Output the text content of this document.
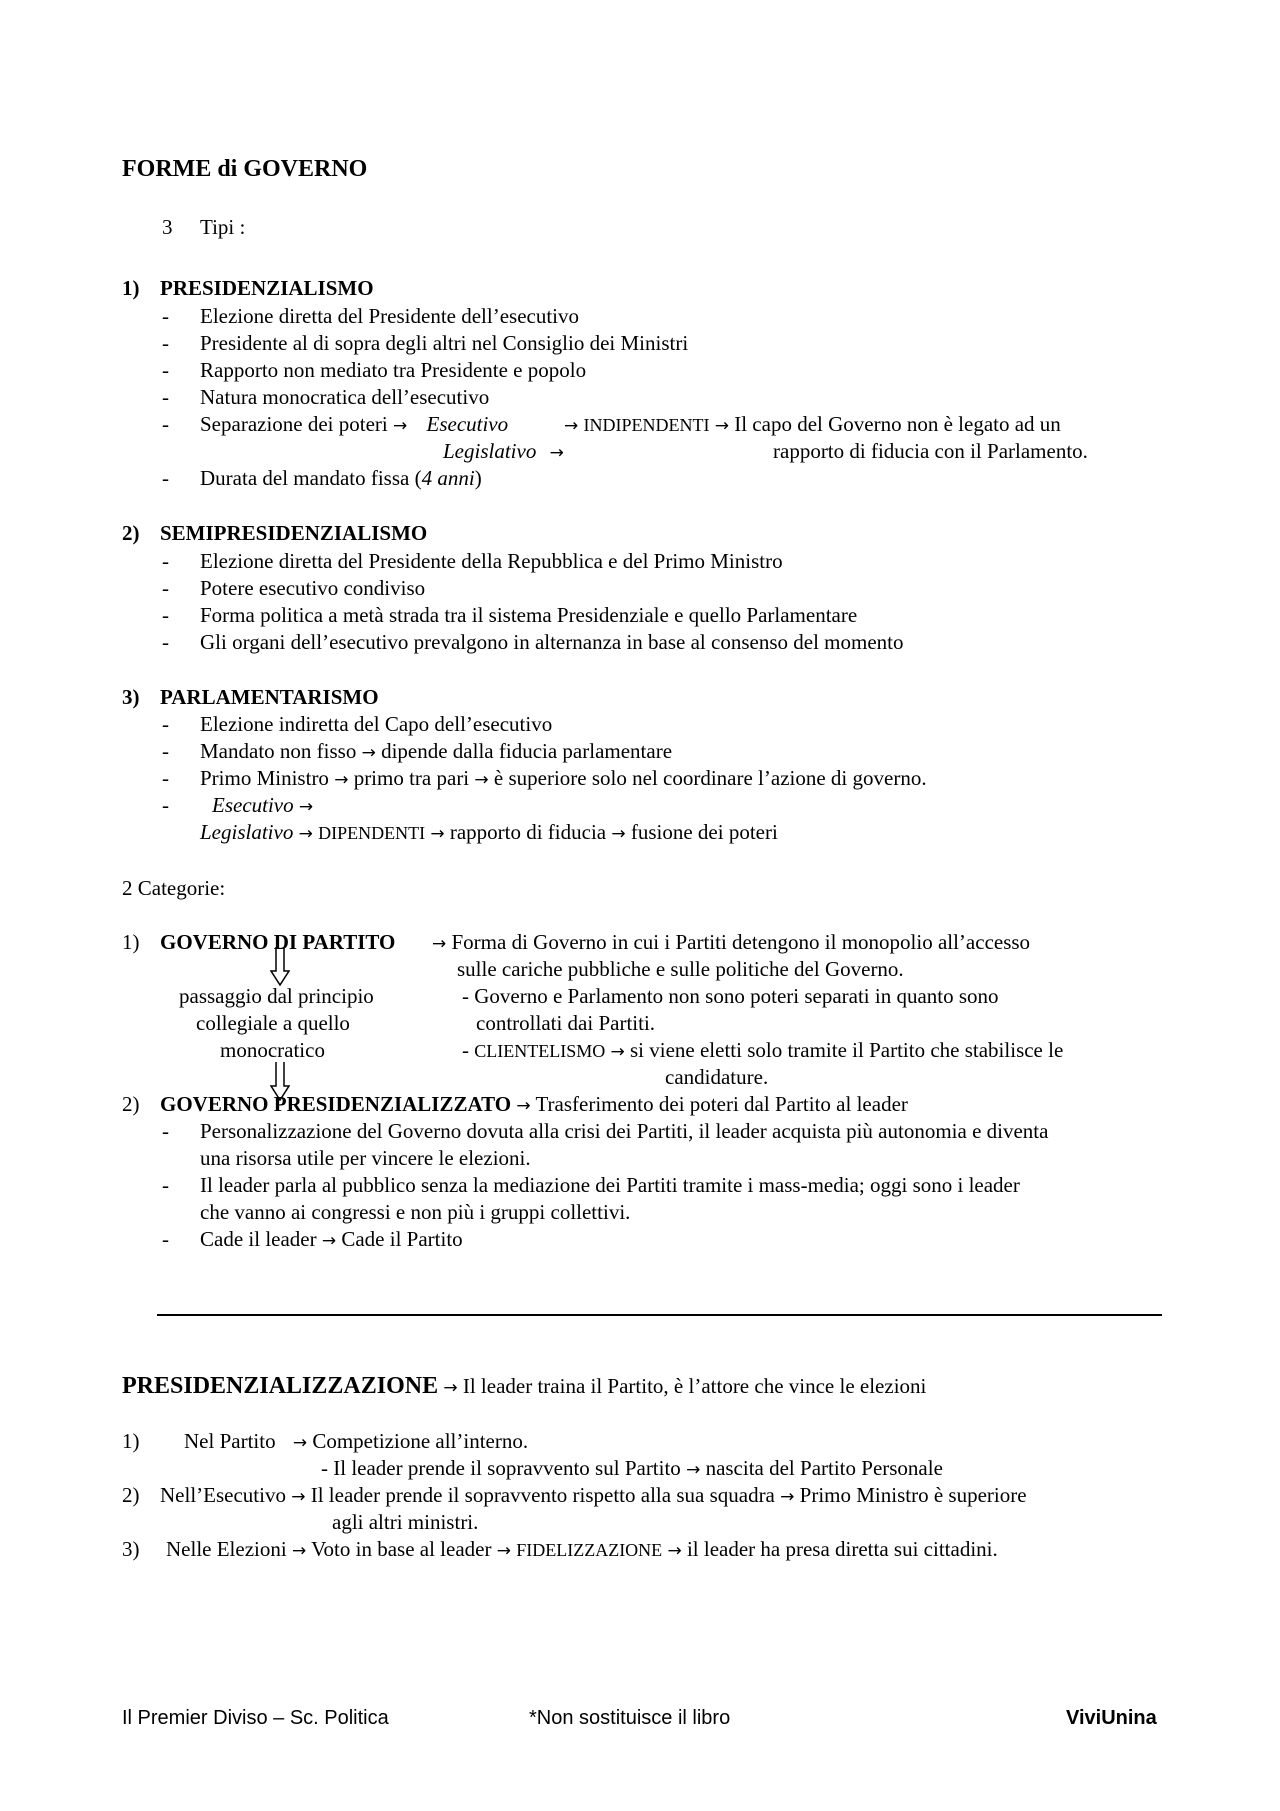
FORME di GOVERNO
3 Tipi :
1) PRESIDENZIALISMO
- Elezione diretta del Presidente dell’esecutivo
- Presidente al di sopra degli altri nel Consiglio dei Ministri
- Rapporto non mediato tra Presidente e popolo
- Natura monocratica dell’esecutivo
- Separazione dei poteri → Esecutivo	→ INDIPENDENTI → Il capo del Governo non è legato ad un
Legislativo →	rapporto di fiducia con il Parlamento.
- Durata del mandato fissa (4 anni)
2) SEMIPRESIDENZIALISMO
- Elezione diretta del Presidente della Repubblica e del Primo Ministro
- Potere esecutivo condiviso
- Forma politica a metà strada tra il sistema Presidenziale e quello Parlamentare
- Gli organi dell’esecutivo prevalgono in alternanza in base al consenso del momento
3) PARLAMENTARISMO
- Elezione indiretta del Capo dell’esecutivo
- Mandato non fisso → dipende dalla fiducia parlamentare
- Primo Ministro → primo tra pari → è superiore solo nel coordinare l’azione di governo.
- Esecutivo →
Legislativo → DIPENDENTI → rapporto di fiducia → fusione dei poteri
2 Categorie:
1) GOVERNO DI PARTITO → Forma di Governo in cui i Partiti detengono il monopolio all’accesso
sulle cariche pubbliche e sulle politiche del Governo.
passaggio dal principio
collegiale a quello
monocratico
- Governo e Parlamento non sono poteri separati in quanto sono
controllati dai Partiti.
- CLIENTELISMO → si viene eletti solo tramite il Partito che stabilisce le
candidature.
2) GOVERNO PRESIDENZIALIZZATO → Trasferimento dei poteri dal Partito al leader
- Personalizzazione del Governo dovuta alla crisi dei Partiti, il leader acquista più autonomia e diventa
una risorsa utile per vincere le elezioni.
- Il leader parla al pubblico senza la mediazione dei Partiti tramite i mass-media; oggi sono i leader
che vanno ai congressi e non più i gruppi collettivi.
- Cade il leader → Cade il Partito
PRESIDENZIALIZZAZIONE → Il leader traina il Partito, è l’attore che vince le elezioni
1) Nel Partito → Competizione all’interno.
- Il leader prende il sopravvento sul Partito → nascita del Partito Personale
2) Nell’Esecutivo → Il leader prende il sopravvento rispetto alla sua squadra → Primo Ministro è superiore
agli altri ministri.
3) Nelle Elezioni → Voto in base al leader → FIDELIZZAZIONE → il leader ha presa diretta sui cittadini.
Il Premier Diviso – Sc. Politica	*Non sostituisce il libro	ViviUnina
